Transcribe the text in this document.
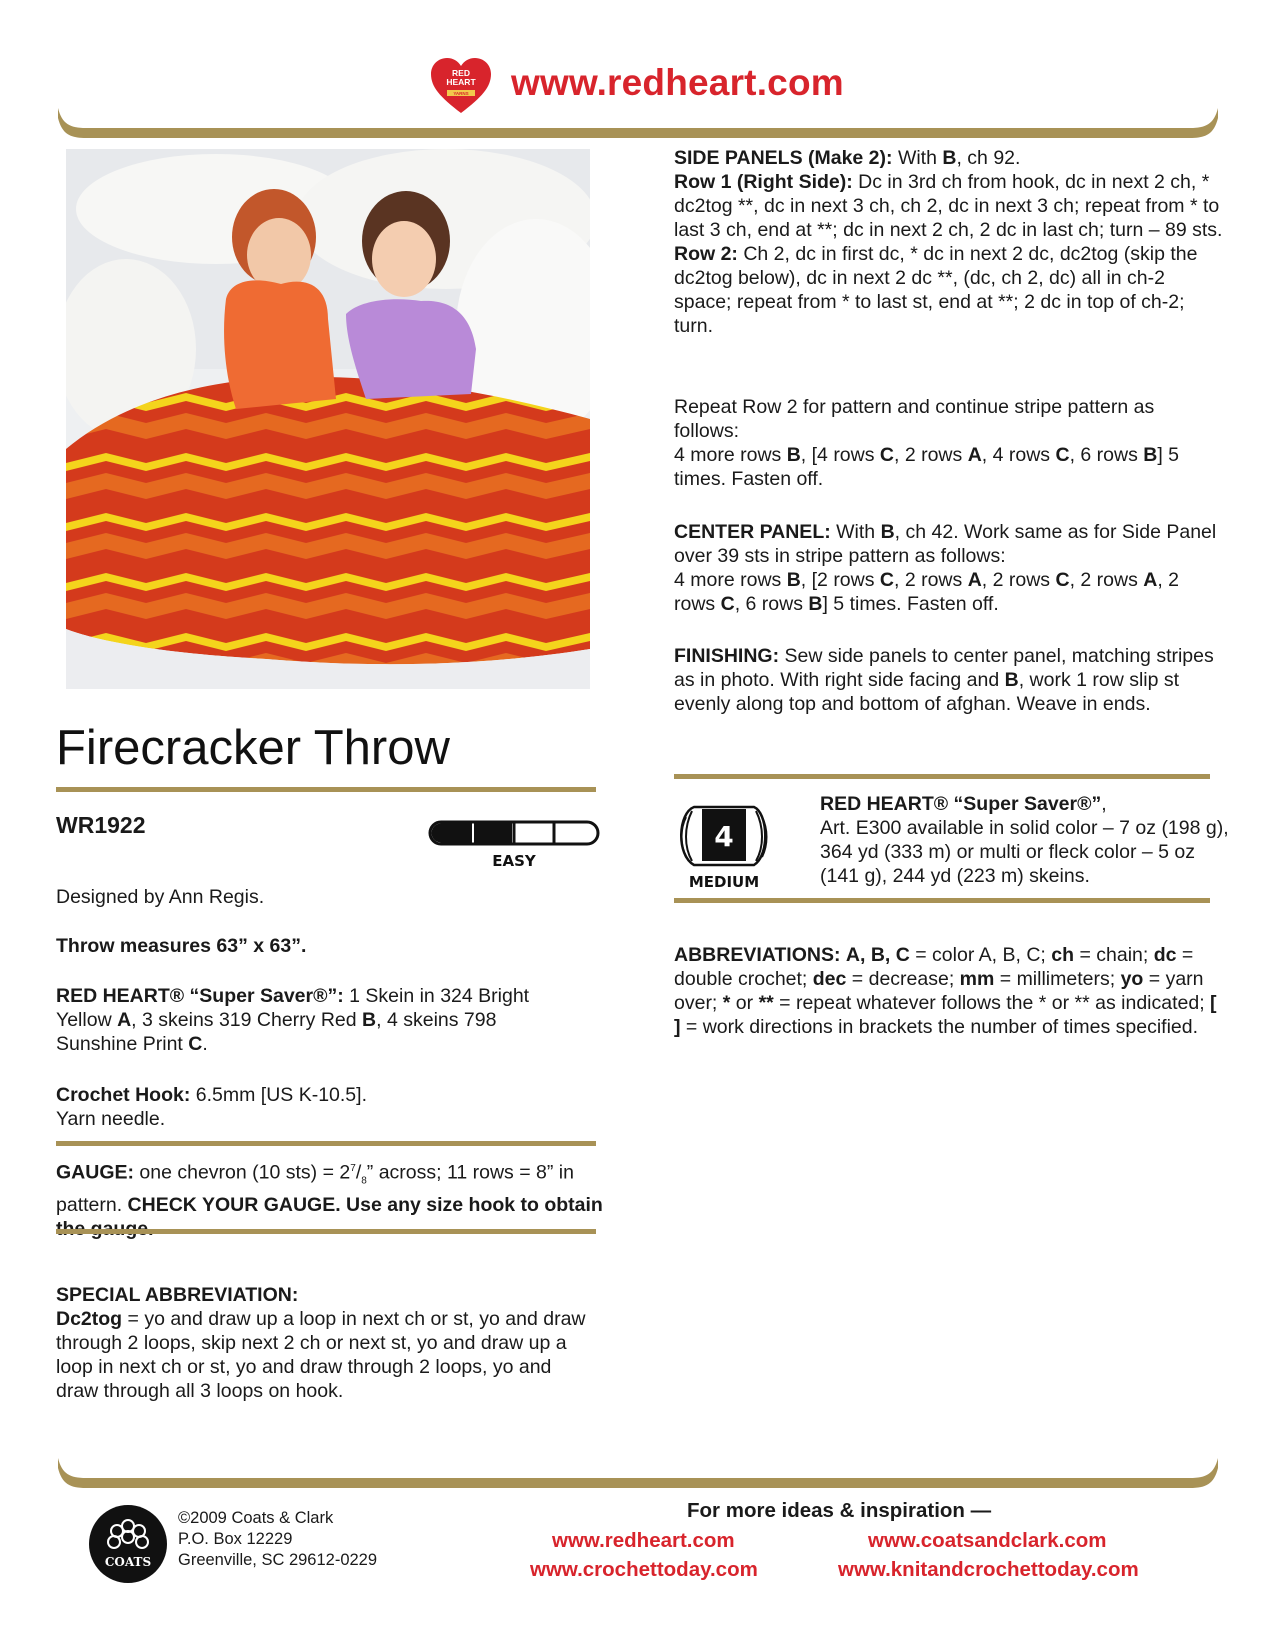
RED
HEART
YARNS www.redheart.com
Firecracker Throw
WR1922
EASY
Designed by Ann Regis.
Throw measures 63” x 63”.
RED HEART® “Super Saver®”: 1 Skein in 324 Bright Yellow A, 3 skeins 319 Cherry Red B, 4 skeins 798 Sunshine Print C.
Crochet Hook: 6.5mm [US K-10.5].
Yarn needle.
GAUGE: one chevron (10 $sts) = 2^7/_8$” across; 11 rows = 8” in pattern. CHECK YOUR GAUGE. Use any size hook to obtain
SPECIAL ABBREVIATION:
Dc2tog = yo and draw up a loop in next ch or st, yo and draw through 2 loops, skip next 2 ch or next st, yo and draw up a loop in next ch or st, yo and draw through 2 loops, yo and draw through all 3 loops on hook.
SIDE PANELS (Make 2): With B, ch 92.
Row 1 (Right Side): Dc in 3rd ch from hook, dc in next 2 ch, * dc2tog **, dc in next 3 ch, ch 2, dc in next 3 ch; repeat from * to last 3 ch, end at **; dc in next 2 ch, 2 dc in last ch; turn – 89 sts.
Row 2: Ch 2, dc in first dc, * dc in next 2 dc, dc2tog (skip the dc2tog below), dc in next 2 dc **, (dc, ch 2, dc) all in ch-2 space; repeat from * to last st, end at **; 2 dc in top of ch-2; turn.
Repeat Row 2 for pattern and continue stripe pattern as follows:
4 more rows B, [4 rows C, 2 rows A, 4 rows C, 6 rows B] 5 times. Fasten off.
CENTER PANEL: With B, ch 42. Work same as for Side Panel over 39 sts in stripe pattern as follows:
4 more rows B, [2 rows C, 2 rows A, 2 rows C, 2 rows A, 2 rows C, 6 rows B] 5 times. Fasten off.
FINISHING: Sew side panels to center panel, matching stripes as in photo. With right side facing and B, work 1 row slip st evenly along top and bottom of afghan. Weave in ends.
4
MEDIUM
RED HEART® “Super Saver®”,
Art. E300 available in solid color – 7 oz (198 g), 364 yd (333 m) or multi or fleck color – 5 oz (141 g), 244 yd (223 m) skeins.
ABBREVIATIONS: A, B, C = color A, B, C; ch = chain; dc = double crochet; dec = decrease; mm = millimeters; yo = yarn over; * or ** = repeat whatever follows the * or ** as indicated; [ ] = work directions in brackets the number of times specified.
COATS
©2009 Coats & Clark
P.O. Box 12229
Greenville, SC 29612-0229
For more ideas & inspiration —
www.redheart.com	www.coatsandclark.com
www.crochettoday.com	www.knitandcrochettoday.com
